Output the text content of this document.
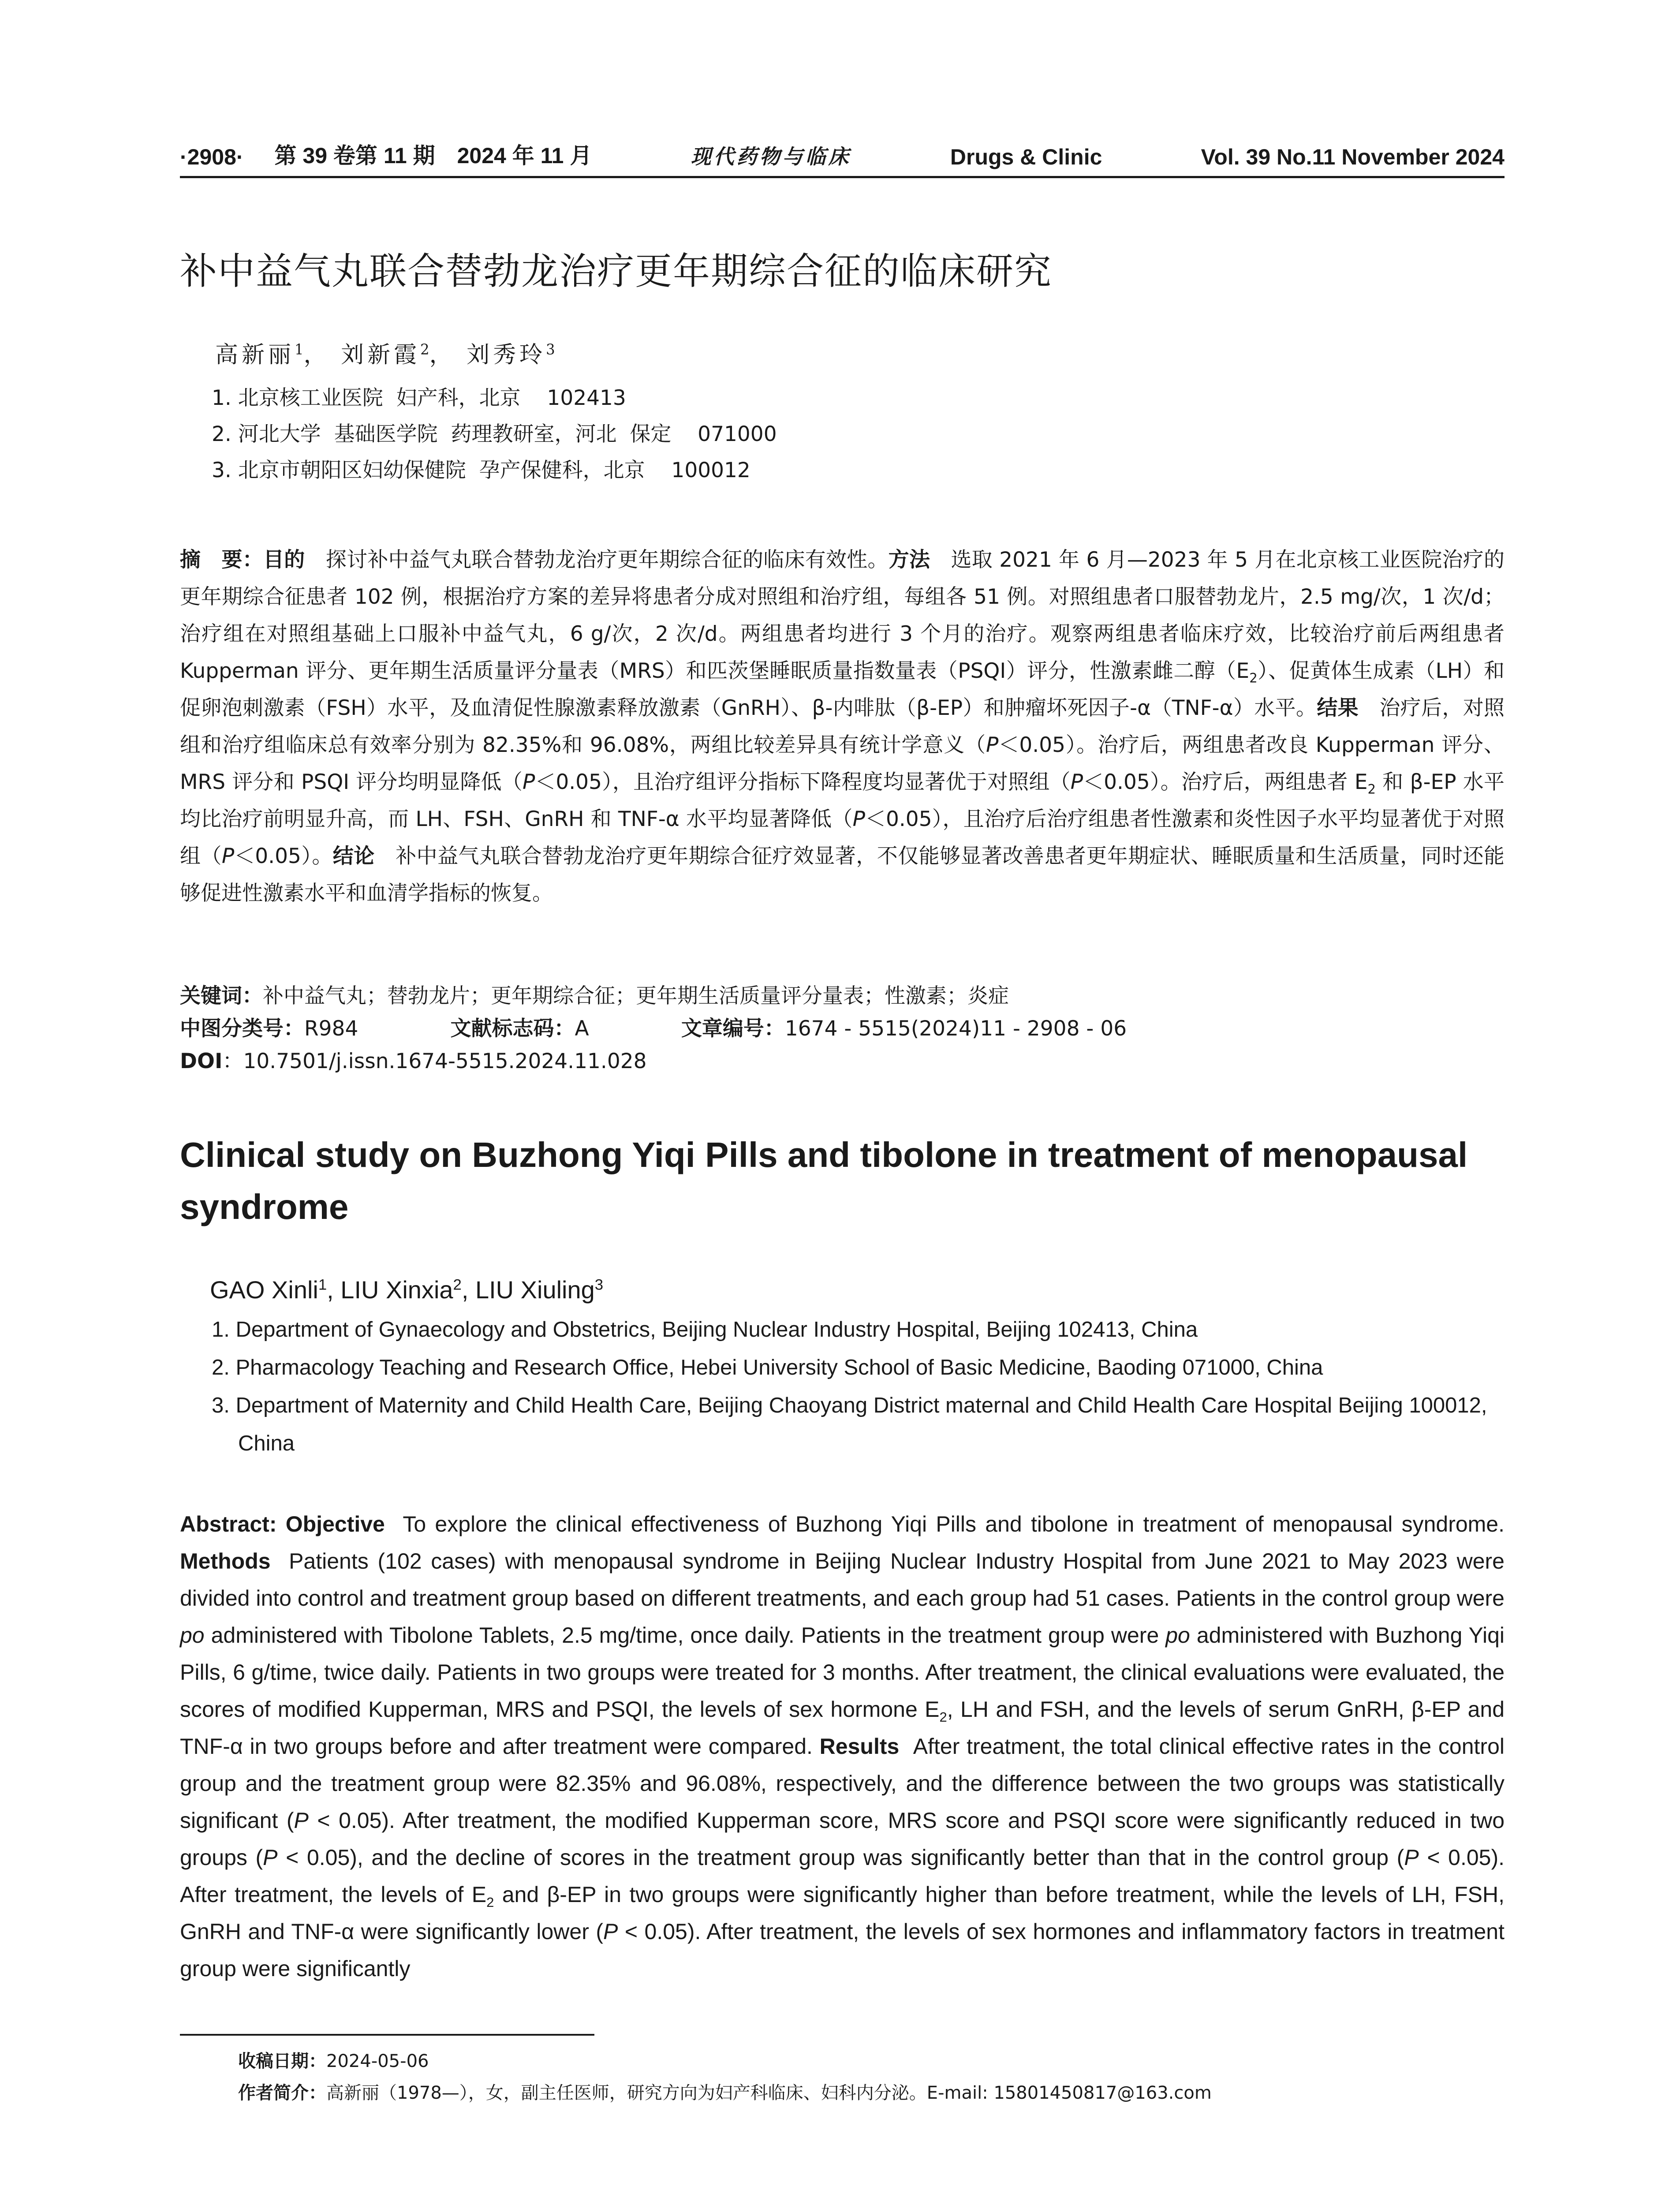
·2908· 第 39 卷第 11 期 2024 年 11 月	现代药物与临床	Drugs & Clinic	Vol. 39 No.11 November 2024
补中益气丸联合替勃龙治疗更年期综合征的临床研究
高新丽$^1$， 刘新霞$^2$， 刘秀玲$^3$
1. 北京核工业医院  妇产科，北京    102413
2. 河北大学  基础医学院  药理教研室，河北  保定    071000
3. 北京市朝阳区妇幼保健院  孕产保健科，北京    100012
摘　要：目的　 探讨补中益气丸联合替勃龙治疗更年期综合征的临床有效性。方法　 选取 2021 年 6 月—2023 年 5 月在北京核工业医院治疗的更年期综合征患者 102 例，根据治疗方案的差异将患者分成对照组和治疗组，每组各 51 例。对照组患者口服替勃龙片，2.5 mg/次，1 次/d；治疗组在对照组基础上口服补中益气丸，6 g/次，2 次/d。两组患者均进行 3 个月的治疗。观察两组患者临床疗效，比较治疗前后两组患者 Kupperman 评分、更年期生活质量评分量表（MRS）和匹茨堡睡眠质量指数量表（PSQI）评分，性激素雌二醇$(E_2)$、促黄体生成素（LH）和促卵泡刺激素（FSH）水平，及血清促性腺激素释放激素（GnRH）、β-内啡肽（β-EP）和肿瘤坏死因子-α（TNF-α）水平。结果　 治疗后，对照组和治疗组临床总有效率分别为 82.35%和 96.08%，两组比较差异具有统计学意义（P＜0.05）。治疗后，两组患者改良 Kupperman 评分、MRS 评分和 PSQI 评分均明显降低（P＜0.05），且治疗组评分指标下降程度均显著优于对照组（P＜0.05）。治疗后，两组患者 $E_2$ 和 β-EP 水平均比治疗前明显升高，而 LH、FSH、GnRH 和 TNF-α 水平均显著降低（P＜0.05），且治疗后治疗组患者性激素和炎性因子水平均显著优于对照组（P＜0.05）。结论　 补中益气丸联合替勃龙治疗更年期综合征疗效显著，不仅能够显著改善患者更年期症状、睡眠质量和生活质量，同时还能够促进性激素水平和血清学指标的恢复。
关键词：补中益气丸；替勃龙片；更年期综合征；更年期生活质量评分量表；性激素；炎症
中图分类号：R984	文献标志码：A	文章编号：1674 - 5515(2024)11 - 2908 - 06
DOI：10.7501/j.issn.1674-5515.2024.11.028
Clinical study on Buzhong Yiqi Pills and tibolone in treatment of menopausal syndrome
GAO Xinli$^1$, LIU Xinxia$^2$, LIU Xiuling$^3$
1. Department of Gynaecology and Obstetrics, Beijing Nuclear Industry Hospital, Beijing 102413, China
2. Pharmacology Teaching and Research Office, Hebei University School of Basic Medicine, Baoding 071000, China
3. Department of Maternity and Child Health Care, Beijing Chaoyang District maternal and Child Health Care Hospital Beijing 100012, China
Abstract: Objective To explore the clinical effectiveness of Buzhong Yiqi Pills and tibolone in treatment of menopausal syndrome. Methods Patients (102 cases) with menopausal syndrome in Beijing Nuclear Industry Hospital from June 2021 to May 2023 were divided into control and treatment group based on different treatments, and each group had 51 cases. Patients in the control group were po administered with Tibolone Tablets, 2.5 mg/time, once daily. Patients in the treatment group were po administered with Buzhong Yiqi Pills, 6 g/time, twice daily. Patients in two groups were treated for 3 months. After treatment, the clinical evaluations were evaluated, the scores of modified Kupperman, MRS and PSQI, the levels of sex hormone $E_2$, LH and FSH, and the levels of serum GnRH, β-EP and TNF-α in two groups before and after treatment were compared. Results After treatment, the total clinical effective rates in the control group and the treatment group were 82.35% and 96.08%, respectively, and the difference between the two groups was statistically significant (P < 0.05). After treatment, the modified Kupperman score, MRS score and PSQI score were significantly reduced in two groups (P < 0.05), and the decline of scores in the treatment group was significantly better than that in the control group (P < 0.05). After treatment, the levels of $E_2$ and β-EP in two groups were significantly higher than before treatment, while the levels of LH, FSH, GnRH and TNF-α were significantly lower (P < 0.05). After treatment, the levels of sex hormones and inflammatory factors in treatment group were significantly
收稿日期：2024-05-06
作者简介：高新丽（1978—），女，副主任医师，研究方向为妇产科临床、妇科内分泌。E-mail: 15801450817@163.com
